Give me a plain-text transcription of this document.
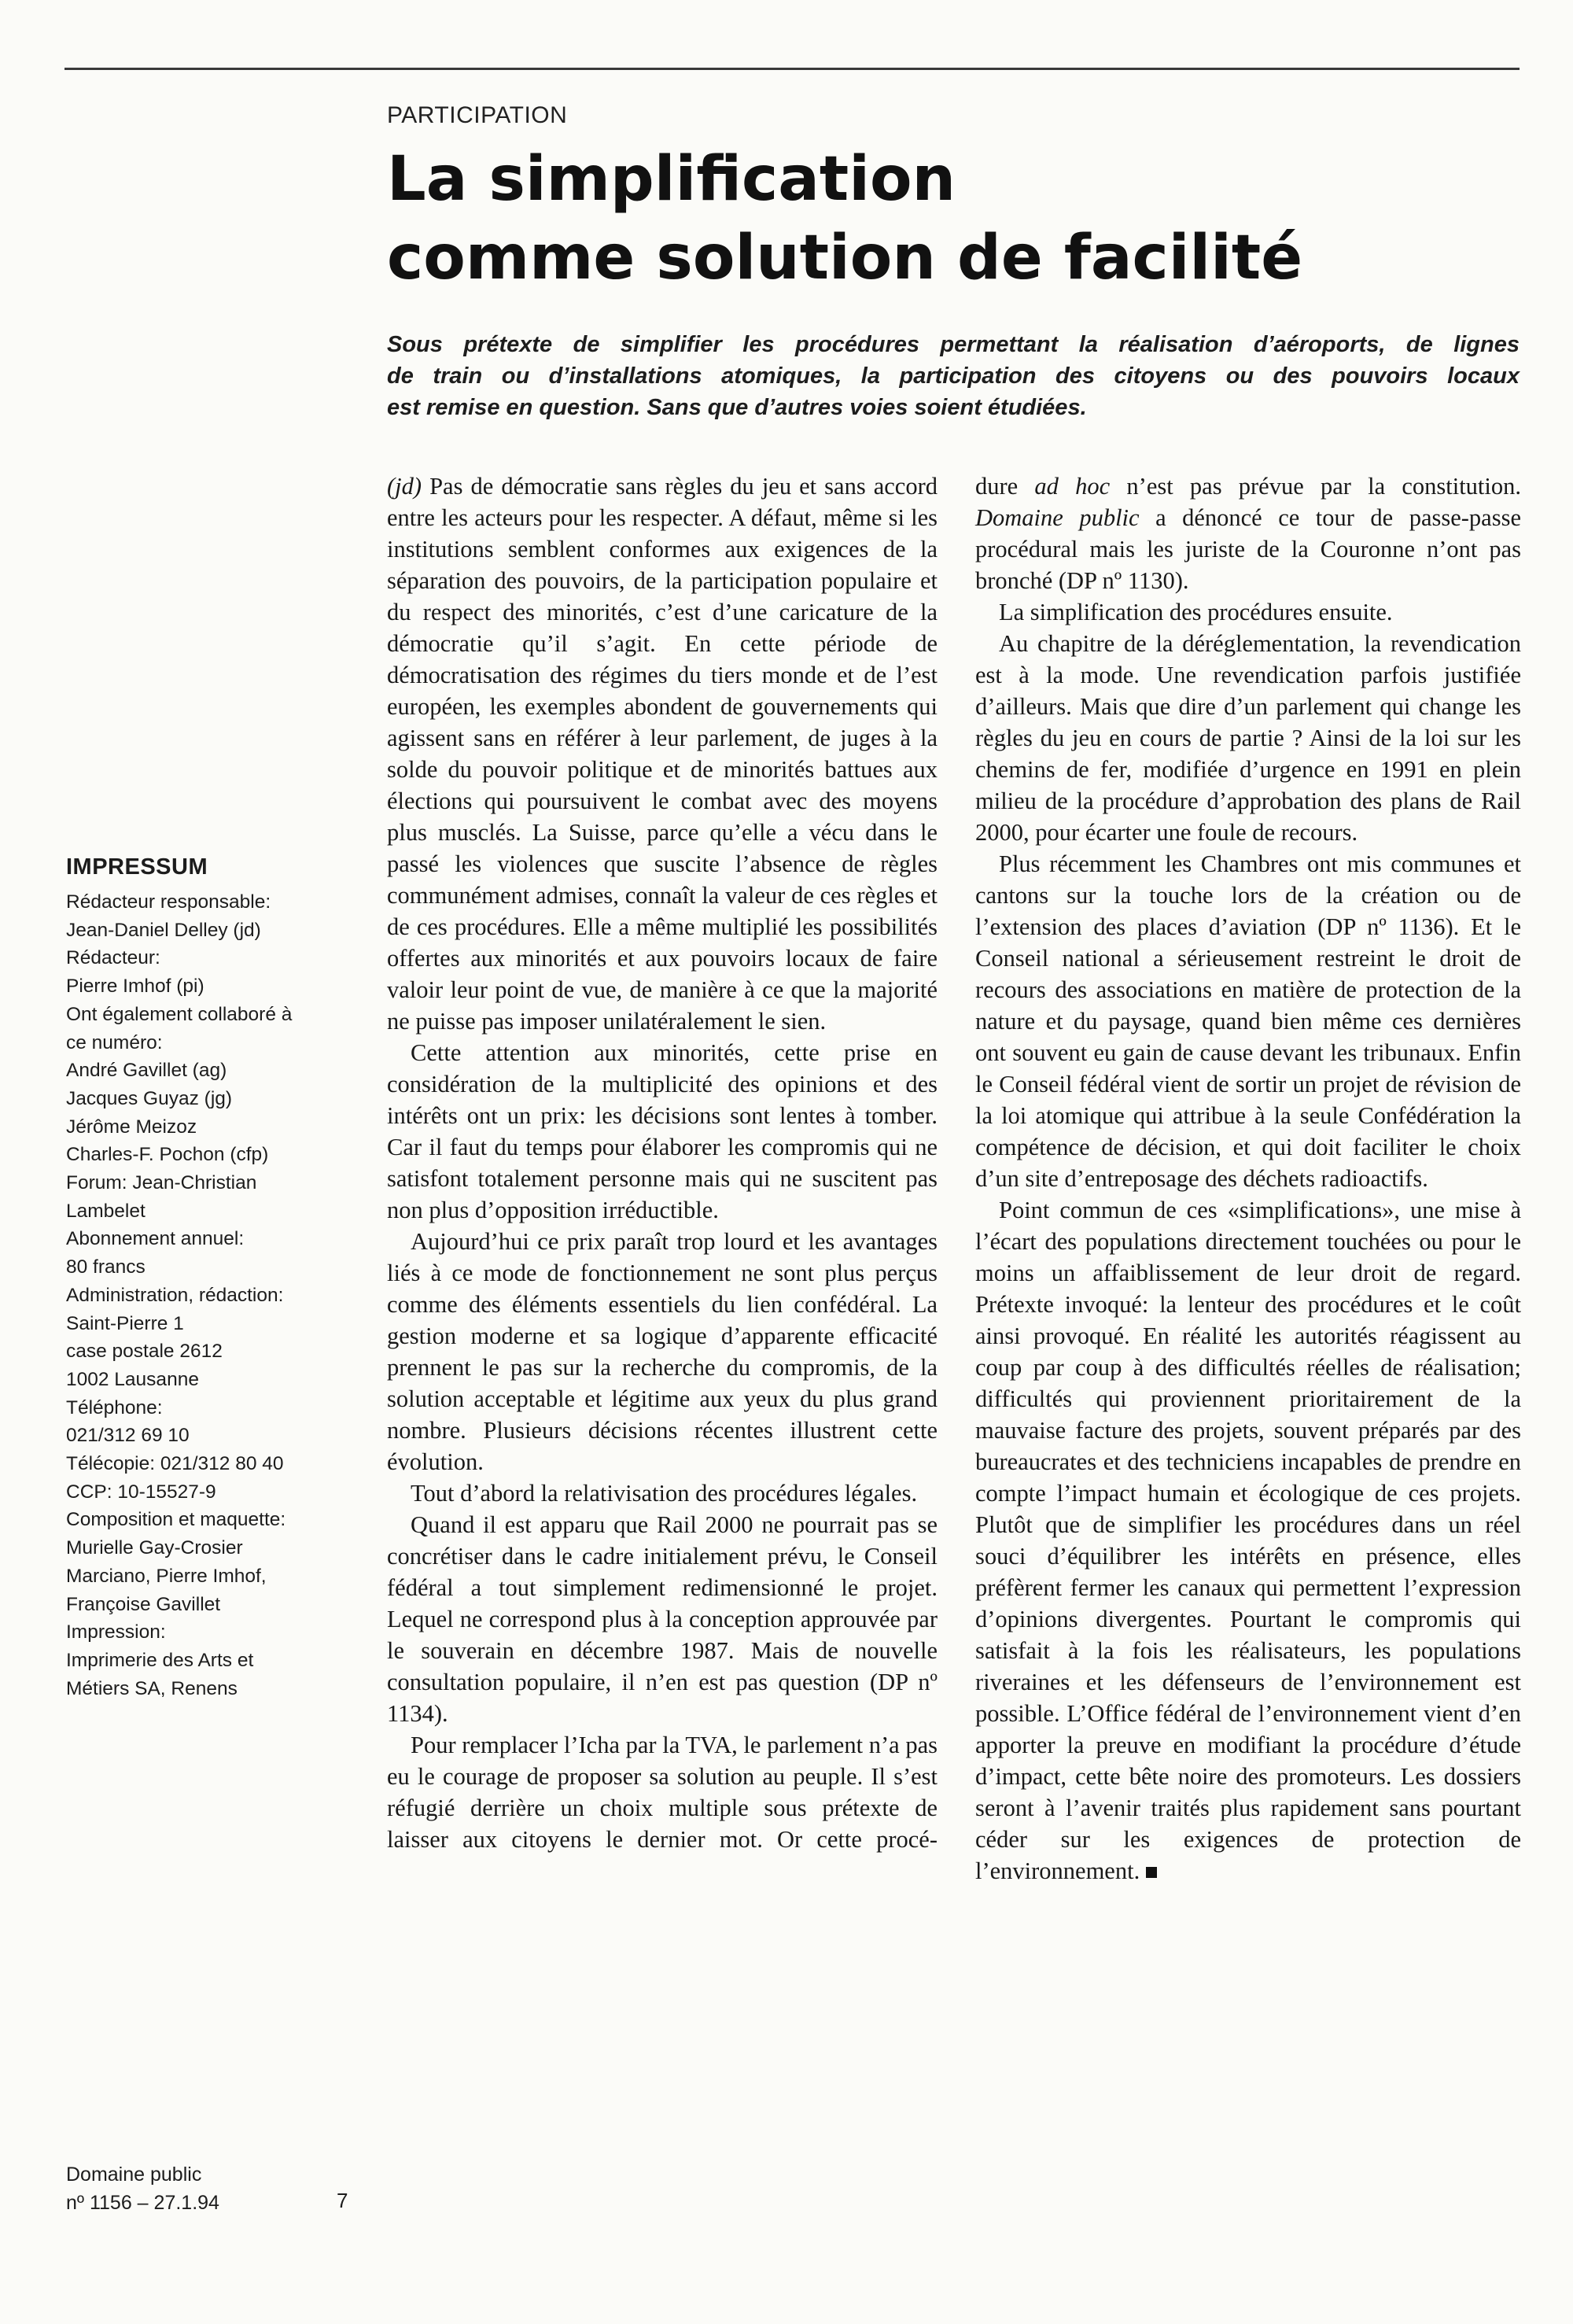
PARTICIPATION
La simplification
comme solution de facilité
Sous prétexte de simplifier les procédures permettant la réalisation d’aéroports, de lignes
de train ou d’installations atomiques, la participation des citoyens ou des pouvoirs locaux
est remise en question. Sans que d’autres voies soient étudiées.
IMPRESSUM
Rédacteur responsable:
Jean-Daniel Delley (jd)
Rédacteur:
Pierre Imhof (pi)
Ont également collaboré à
ce numéro:
André Gavillet (ag)
Jacques Guyaz (jg)
Jérôme Meizoz
Charles-F. Pochon (cfp)
Forum: Jean-Christian
Lambelet
Abonnement annuel:
80 francs
Administration, rédaction:
Saint-Pierre 1
case postale 2612
1002 Lausanne
Téléphone:
021/312 69 10
Télécopie: 021/312 80 40
CCP: 10-15527-9
Composition et maquette:
Murielle Gay-Crosier
Marciano, Pierre Imhof,
Françoise Gavillet
Impression:
Imprimerie des Arts et
Métiers SA, Renens

(jd) Pas de démocratie sans règles du jeu et sans accord entre les acteurs pour les respecter. A défaut, même si les institutions semblent conformes aux exigences de la séparation des pouvoirs, de la participation populaire et du respect des minorités, c’est d’une caricature de la démocratie qu’il s’agit. En cette période de démocratisation des régimes du tiers monde et de l’est européen, les exemples abondent de gouvernements qui agissent sans en référer à leur parlement, de juges à la solde du pouvoir politique et de minorités battues aux élections qui poursuivent le combat avec des moyens plus musclés. La Suisse, parce qu’elle a vécu dans le passé les violences que suscite l’absence de règles communément admises, connaît la valeur de ces règles et de ces procédures. Elle a même multiplié les possibilités offertes aux minorités et aux pouvoirs locaux de faire valoir leur point de vue, de manière à ce que la majorité ne puisse pas imposer unilatéralement le sien.

Cette attention aux minorités, cette prise en considération de la multiplicité des opinions et des intérêts ont un prix: les décisions sont lentes à tomber. Car il faut du temps pour élaborer les compromis qui ne satisfont totalement personne mais qui ne suscitent pas non plus d’opposition irréductible.

Aujourd’hui ce prix paraît trop lourd et les avantages liés à ce mode de fonctionnement ne sont plus perçus comme des éléments essentiels du lien confédéral. La gestion moderne et sa logique d’apparente efficacité prennent le pas sur la recherche du compromis, de la solution acceptable et légitime aux yeux du plus grand nombre. Plusieurs décisions récentes illustrent cette évolution.

Tout d’abord la relativisation des procédures légales.

Quand il est apparu que Rail 2000 ne pourrait pas se concrétiser dans le cadre initialement prévu, le Conseil fédéral a tout simplement redimensionné le projet. Lequel ne correspond plus à la conception approuvée par le souverain en décembre 1987. Mais de nouvelle consultation populaire, il n’en est pas question (DP nº 1134).

Pour remplacer l’Icha par la TVA, le parlement n’a pas eu le courage de proposer sa solution au peuple. Il s’est réfugié derrière un choix multiple sous prétexte de laisser aux citoyens le dernier mot. Or cette procé-

dure ad hoc n’est pas prévue par la constitution. Domaine public a dénoncé ce tour de passe-passe procédural mais les juriste de la Couronne n’ont pas bronché (DP nº 1130).

La simplification des procédures ensuite.

Au chapitre de la déréglementation, la revendication est à la mode. Une revendication parfois justifiée d’ailleurs. Mais que dire d’un parlement qui change les règles du jeu en cours de partie ? Ainsi de la loi sur les chemins de fer, modifiée d’urgence en 1991 en plein milieu de la procédure d’approbation des plans de Rail 2000, pour écarter une foule de recours.

Plus récemment les Chambres ont mis communes et cantons sur la touche lors de la création ou de l’extension des places d’aviation (DP nº 1136). Et le Conseil national a sérieusement restreint le droit de recours des associations en matière de protection de la nature et du paysage, quand bien même ces dernières ont souvent eu gain de cause devant les tribunaux. Enfin le Conseil fédéral vient de sortir un projet de révision de la loi atomique qui attribue à la seule Confédération la compétence de décision, et qui doit faciliter le choix d’un site d’entreposage des déchets radioactifs.

Point commun de ces «simplifications», une mise à l’écart des populations directement touchées ou pour le moins un affaiblissement de leur droit de regard. Prétexte invoqué: la lenteur des procédures et le coût ainsi provoqué. En réalité les autorités réagissent au coup par coup à des difficultés réelles de réalisation; difficultés qui proviennent prioritairement de la mauvaise facture des projets, souvent préparés par des bureaucrates et des techniciens incapables de prendre en compte l’impact humain et écologique de ces projets. Plutôt que de simplifier les procédures dans un réel souci d’équilibrer les intérêts en présence, elles préfèrent fermer les canaux qui permettent l’expression d’opinions divergentes. Pourtant le compromis qui satisfait à la fois les réalisateurs, les populations riveraines et les défenseurs de l’environnement est possible. L’Office fédéral de l’environnement vient d’en apporter la preuve en modifiant la procédure d’étude d’impact, cette bête noire des promoteurs. Les dossiers seront à l’avenir traités plus rapidement sans pourtant céder sur les exigences de protection de l’environnement.

Domaine public
nº 1156 – 27.1.94	7
